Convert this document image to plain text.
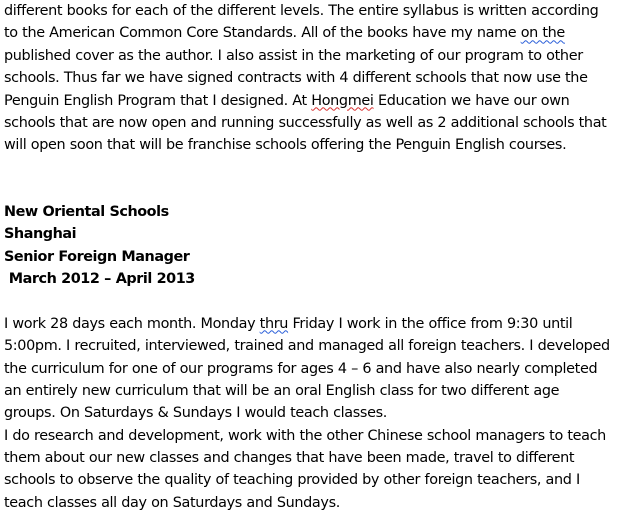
different books for each of the different levels. The entire syllabus is written according
to the American Common Core Standards. All of the books have my name on the
published cover as the author. I also assist in the marketing of our program to other
schools. Thus far we have signed contracts with 4 different schools that now use the
Penguin English Program that I designed. At Hongmei Education we have our own
schools that are now open and running successfully as well as 2 additional schools that
will open soon that will be franchise schools offering the Penguin English courses.
New Oriental Schools
Shanghai
Senior Foreign Manager
March 2012 – April 2013
I work 28 days each month. Monday thru Friday I work in the office from 9:30 until
5:00pm. I recruited, interviewed, trained and managed all foreign teachers. I developed
the curriculum for one of our programs for ages 4 – 6 and have also nearly completed
an entirely new curriculum that will be an oral English class for two different age
groups. On Saturdays & Sundays I would teach classes.
I do research and development, work with the other Chinese school managers to teach
them about our new classes and changes that have been made, travel to different
schools to observe the quality of teaching provided by other foreign teachers, and I
teach classes all day on Saturdays and Sundays.
